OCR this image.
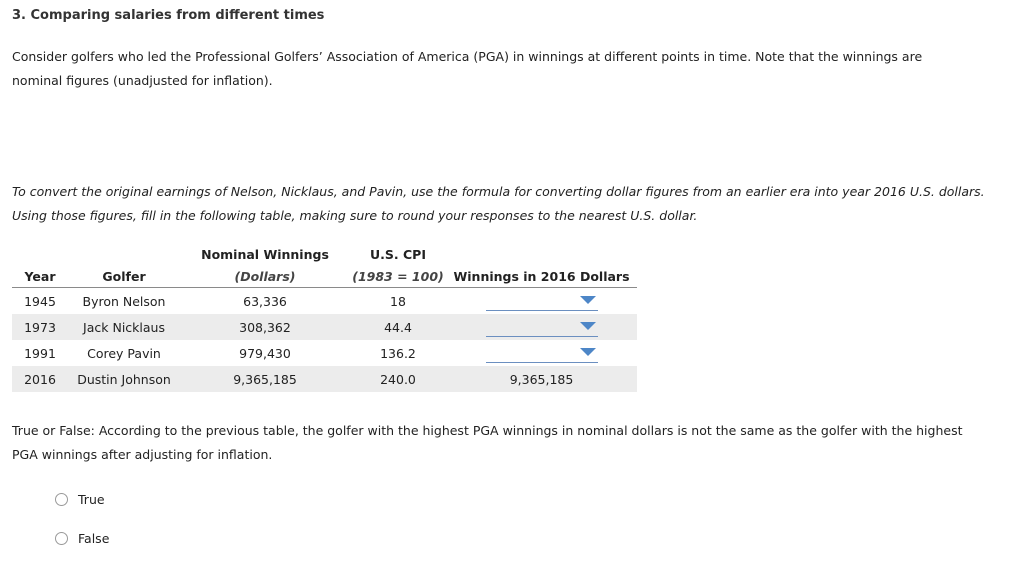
3. Comparing salaries from different times
Consider golfers who led the Professional Golfers’ Association of America (PGA) in winnings at different points in time. Note that the winnings are nominal figures (unadjusted for inflation).
To convert the original earnings of Nelson, Nicklaus, and Pavin, use the formula for converting dollar figures from an earlier era into year 2016 U.S. dollars. Using those figures, fill in the following table, making sure to round your responses to the nearest U.S. dollar.
		Nominal Winnings	U.S. CPI	
Year	Golfer	(Dollars)	(1983 = 100)	Winnings in 2016 Dollars
1945	Byron Nelson	63,336	18	

1973	Jack Nicklaus	308,362	44.4	

1991	Corey Pavin	979,430	136.2	

2016	Dustin Johnson	9,365,185	240.0	9,365,185
True or False: According to the previous table, the golfer with the highest PGA winnings in nominal dollars is not the same as the golfer with the highest PGA winnings after adjusting for inflation.
True
False
